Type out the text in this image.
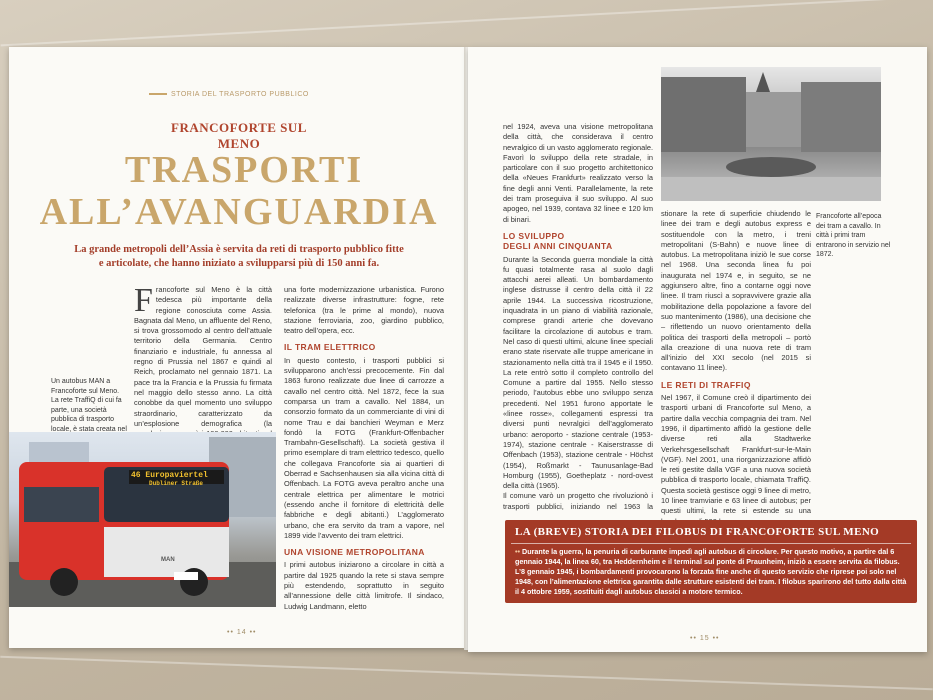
STORIA DEL TRASPORTO PUBBLICO
FRANCOFORTE SUL MENO
TRASPORTI
ALL’AVANGUARDIA
La grande metropoli dell’Assia è servita da reti di trasporto pubblico fitte
e articolate, che hanno iniziato a svilupparsi più di 150 anni fa.
Un autobus MAN a Francoforte sul Meno. La rete TraffiQ di cui fa parte, una società pubblica di trasporto locale, è stata creata nel
Francoforte sul Meno è la città tedesca più importante della regione conosciuta come Assia. Bagnata dal Meno, un affluente del Reno, si trova grossomodo al centro dell’attuale territorio della Germania. Centro finanziario e industriale, fu annessa al regno di Prussia nel 1867 e quindi al Reich, proclamato nel gennaio 1871. La pace tra la Francia e la Prussia fu firmata nel maggio dello stesso anno. La città conobbe da quel momento uno sviluppo straordinario, caratterizzato da un’esplosione demografica (la
una forte modernizzazione urbanistica. Furono realizzate diverse infrastrutture: fogne, rete telefonica (tra le prime al mondo), nuova stazione ferroviaria, zoo, giardino pubblico, teatro dell’opera, ecc.
IL TRAM ELETTRICO
In questo contesto, i trasporti pubblici si svilupparono anch’essi precocemente. Fin dal 1863 furono realizzate due linee di carrozze a cavallo nel centro città. Nel 1872, fece la sua comparsa un tram a cavallo. Nel 1884, un consorzio formato da un commerciante di vini di nome Trau e dai banchieri Weyman e Merz fondò la FOTG (Frankfurt-Offenbacher Trambahn-Gesellschaft). La società gestiva il primo esemplare di tram elettrico tedesco, quello che collegava Francoforte sia ai quartieri di Oberrad e Sachsenhausen sia alla vicina città di Offenbach. La FOTG aveva peraltro anche una centrale elettrica per alimentare le motrici (essendo anche il fornitore di elettricità delle fabbriche e degli abitanti.) L’agglomerato urbano, che era servito da tram a vapore, nel 1899 vide l’avvento dei tram elettrici.
UNA VISIONE METROPOLITANA
I primi autobus iniziarono a circolare in città a partire dal 1925 quando la rete si stava sempre più estendendo, soprattutto in seguito all’annessione delle città limitrofe. Il sindaco, Ludwig Landmann, eletto
46 Europaviertel
Dubliner Straße
MAN
•• 14 ••
nel 1924, aveva una visione metropolitana della città, che considerava il centro nevralgico di un vasto agglomerato regionale. Favorì lo sviluppo della rete stradale, in particolare con il suo progetto architettonico della «Neues Frankfurt» realizzato verso la fine degli anni Venti. Parallelamente, la rete dei tram proseguiva il suo sviluppo. Al suo apogeo, nel 1939, contava 32 linee e 120 km di binari.
LO SVILUPPO
DEGLI ANNI CINQUANTA
Durante la Seconda guerra mondiale la città fu quasi totalmente rasa al suolo dagli attacchi aerei alleati. Un bombardamento inglese distrusse il centro della città il 22 aprile 1944. La successiva ricostruzione, inquadrata in un piano di viabilità razionale, comprese grandi arterie che dovevano facilitare la circolazione di autobus e tram. Nel caso di questi ultimi, alcune linee speciali erano state riservate alle truppe americane in stazionamento nella città tra il 1945 e il 1950. La rete entrò sotto il completo controllo del Comune a partire dal 1955. Nello stesso periodo, l’autobus ebbe uno sviluppo senza precedenti. Nel 1951 furono apportate le «linee rosse», collegamenti espressi tra diversi punti nevralgici dell’agglomerato urbano: aeroporto - stazione centrale (1953-1974), stazione centrale - Kaiserstrasse di Offenbach (1953), stazione centrale - Höchst (1954), Roßmarkt - Taunusanlage-Bad Homburg (1955), Goetheplatz - nord-ovest della città (1965).
Il comune varò un progetto che rivoluzionò i trasporti pubblici, iniziando nel 1963 la
Francoforte all’epoca dei tram a cavallo. In città i primi tram entrarono in servizio nel 1872.
stionare la rete di superficie chiudendo le linee dei tram e degli autobus express e sostituendole con la metro, i treni metropolitani (S-Bahn) e nuove linee di autobus. La metropolitana iniziò le sue corse nel 1968. Una seconda linea fu poi inaugurata nel 1974 e, in seguito, se ne aggiunsero altre, fino a contarne oggi nove linee. Il tram riuscì a sopravvivere grazie alla mobilitazione della popolazione a favore del suo mantenimento (1986), una decisione che – riflettendo un nuovo orientamento della politica dei trasporti della metropoli – portò alla creazione di una nuova rete di tram all’inizio del XXI secolo (nel 2015 si contavano 11 linee).
LE RETI DI TRAFFIQ
Nel 1967, il Comune creò il dipartimento dei trasporti urbani di Francoforte sul Meno, a partire dalla vecchia compagnia dei tram. Nel 1996, il dipartimento affidò la gestione delle diverse reti alla Stadtwerke Verkehrsgesellschaft Frankfurt-sur-le-Main (VGF). Nel 2001, una riorganizzazione affidò le reti gestite dalla VGF a una nuova società pubblica di trasporto locale, chiamata TraffiQ. Questa società gestisce oggi 9 linee di metro, 10 linee tramviarie e 63 linee di autobus; per questi ultimi, la rete si estende su una
LA (BREVE) STORIA DEI FILOBUS DI FRANCOFORTE SUL MENO
•• Durante la guerra, la penuria di carburante impedì agli autobus di circolare. Per questo motivo, a partire dal 6 gennaio 1944, la linea 60, tra Heddernheim e il terminal sul ponte di Praunheim, iniziò a essere servita da filobus. L’8 gennaio 1945, i bombardamenti provocarono la forzata fine anche di questo servizio che riprese poi solo nel 1948, con l’alimentazione elettrica garantita dalle strutture esistenti dei tram. I filobus sparirono del tutto dalla città il 4 ottobre 1959, sostituiti dagli autobus classici a motore termico.
•• 15 ••
